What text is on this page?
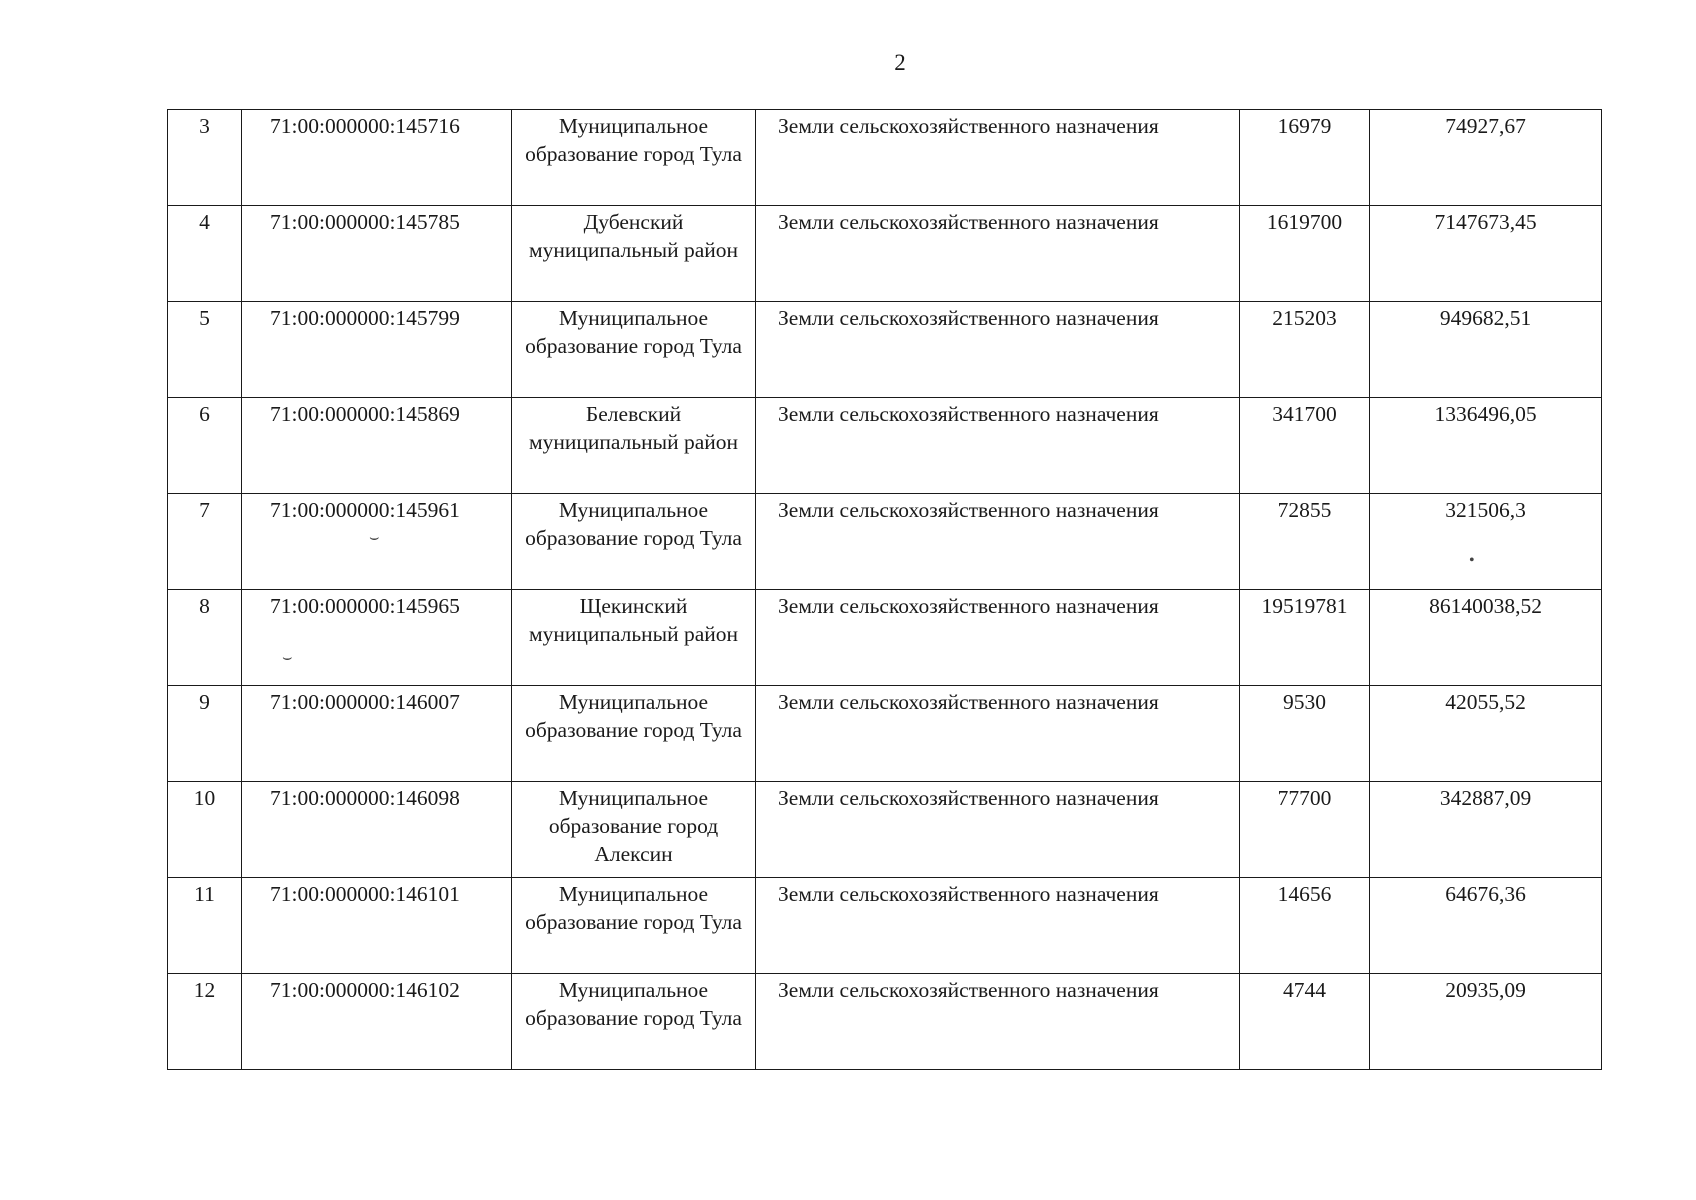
2
3	71:00:000000:145716	Муниципальное образование город Тула	Земли сельскохозяйственного назначения	16979	74927,67
4	71:00:000000:145785	Дубенский муниципальный район	Земли сельскохозяйственного назначения	1619700	7147673,45
5	71:00:000000:145799	Муниципальное образование город Тула	Земли сельскохозяйственного назначения	215203	949682,51
6	71:00:000000:145869	Белевский муниципальный район	Земли сельскохозяйственного назначения	341700	1336496,05
7	71:00:000000:145961	Муниципальное образование город Тула	Земли сельскохозяйственного назначения	72855	321506,3
8	71:00:000000:145965	Щекинский муниципальный район	Земли сельскохозяйственного назначения	19519781	86140038,52
9	71:00:000000:146007	Муниципальное образование город Тула	Земли сельскохозяйственного назначения	9530	42055,52
10	71:00:000000:146098	Муниципальное образование город Алексин	Земли сельскохозяйственного назначения	77700	342887,09
11	71:00:000000:146101	Муниципальное образование город Тула	Земли сельскохозяйственного назначения	14656	64676,36
12	71:00:000000:146102	Муниципальное образование город Тула	Земли сельскохозяйственного назначения	4744	20935,09
⌣
•
⌣
